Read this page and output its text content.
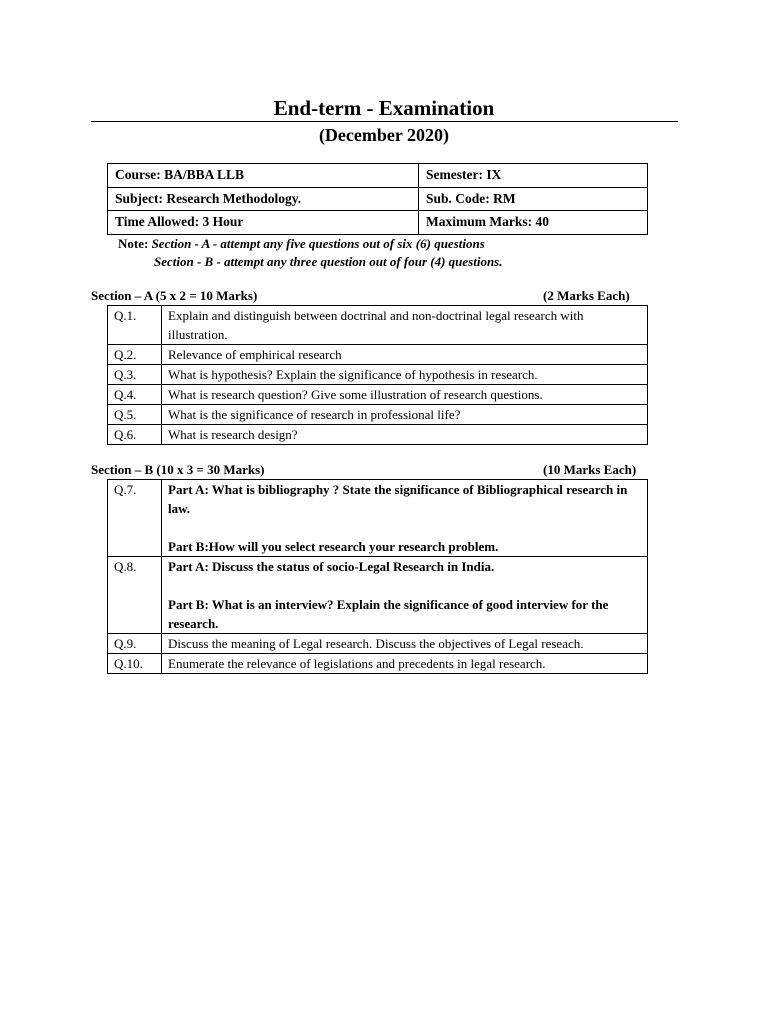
End-term - Examination
(December 2020)
Course: BA/BBA LLB	Semester: IX
Subject: Research Methodology.	Sub. Code: RM
Time Allowed: 3 Hour	Maximum Marks: 40
Note: Section - A - attempt any five questions out of six (6) questions
Section - B - attempt any three question out of four (4) questions.
Section – A (5 x 2 = 10 Marks)	(2 Marks Each)
Q.1.	Explain and distinguish between doctrinal and non-doctrinal legal research with illustration.
Q.2.	Relevance of emphirical research
Q.3.	What is hypothesis? Explain the significance of hypothesis in research.
Q.4.	What is research question? Give some illustration of research questions.
Q.5.	What is the significance of research in professional life?
Q.6.	What is research design?
Section – B (10 x 3 = 30 Marks)	(10 Marks Each)
Q.7.	Part A: What is bibliography ? State the significance of Bibliographical research in law.
Part B:How will you select research your research problem.

Q.8.	Part A: Discuss the status of socio-Legal Research in India.
Part B: What is an interview? Explain the significance of good interview for the research.

Q.9.	Discuss the meaning of Legal research. Discuss the objectives of Legal reseach.
Q.10.	Enumerate the relevance of legislations and precedents in legal research.
